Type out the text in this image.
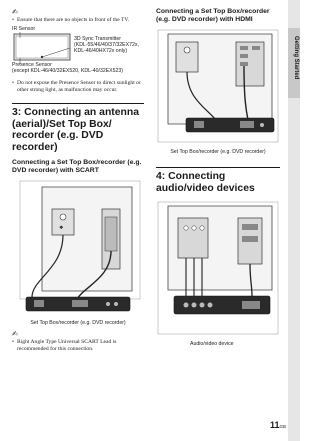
✍
• Ensure that there are no objects in front of the TV.
IR Sensor
3D Sync Transmitter
(KDL-55/46/40/37/32EX72x,
KDL-46/40HX72x only)
Presence Sensor
(except KDL-46/40/32EX520, KDL-40/32EX523)
• Do not expose the Presence Sensor to direct sunlight or other strong light, as malfunction may occur.
3: Connecting an antenna (aerial)/Set Top Box/ recorder (e.g. DVD recorder)
Connecting a Set Top Box/recorder (e.g. DVD recorder) with SCART
❖
Set Top Box/recorder (e.g. DVD recorder)
✍
• Right Angle Type Universal SCART Lead is recommended for this connection.
Connecting a Set Top Box/recorder (e.g. DVD recorder) with HDMI
Set Top Box/recorder (e.g. DVD recorder)
4: Connecting audio/video devices
Audio/video device
Getting Started
11GB
